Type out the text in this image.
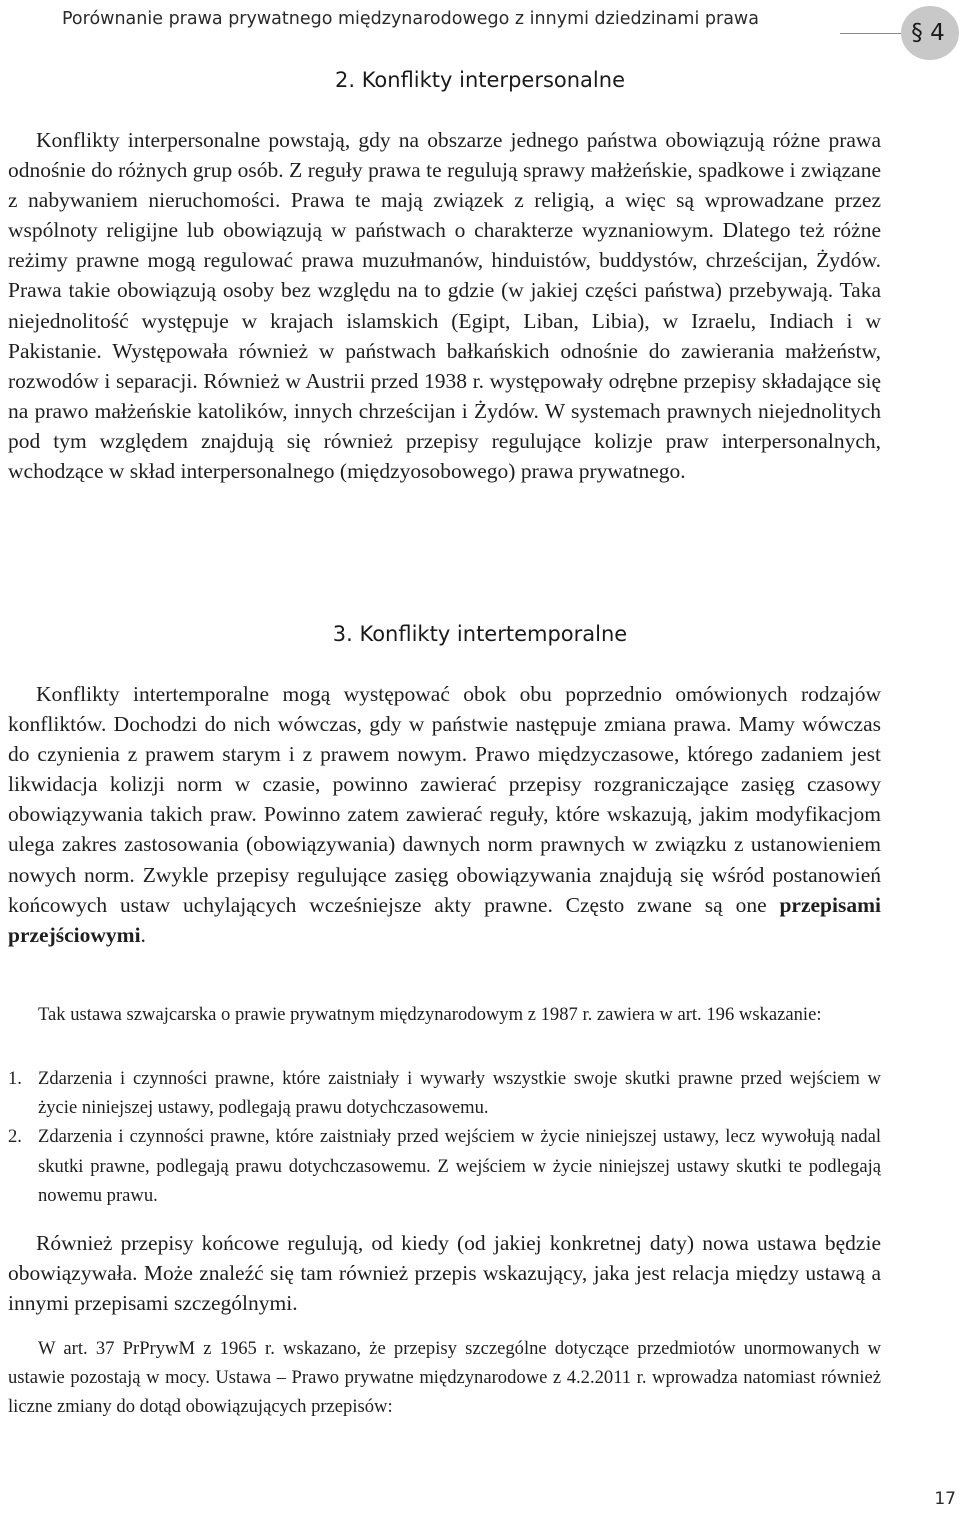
Porównanie prawa prywatnego międzynarodowego z innymi dziedzinami prawa
§ 4
2. Konflikty interpersonalne
Konflikty interpersonalne powstają, gdy na obszarze jednego państwa obowiązują różne prawa odnośnie do różnych grup osób. Z reguły prawa te regulują sprawy małżeńskie, spadkowe i związane z nabywaniem nieruchomości. Prawa te mają związek z religią, a więc są wprowadzane przez wspólnoty religijne lub obowiązują w państwach o charakterze wyznaniowym. Dlatego też różne reżimy prawne mogą regulować prawa muzułmanów, hinduistów, buddystów, chrześcijan, Żydów. Prawa takie obowiązują osoby bez względu na to gdzie (w jakiej części państwa) przebywają. Taka niejednolitość występuje w krajach islamskich (Egipt, Liban, Libia), w Izraelu, Indiach i w Pakistanie. Występowała również w państwach bałkańskich odnośnie do zawierania małżeństw, rozwodów i separacji. Również w Austrii przed 1938 r. występowały odrębne przepisy składające się na prawo małżeńskie katolików, innych chrześcijan i Żydów. W systemach prawnych niejednolitych pod tym względem znajdują się również przepisy regulujące kolizje praw interpersonalnych, wchodzące w skład interpersonalnego (międzyosobowego) prawa prywatnego.
3. Konflikty intertemporalne
Konflikty intertemporalne mogą występować obok obu poprzednio omówionych rodzajów konfliktów. Dochodzi do nich wówczas, gdy w państwie następuje zmiana prawa. Mamy wówczas do czynienia z prawem starym i z prawem nowym. Prawo międzyczasowe, którego zadaniem jest likwidacja kolizji norm w czasie, powinno zawierać przepisy rozgraniczające zasięg czasowy obowiązywania takich praw. Powinno zatem zawierać reguły, które wskazują, jakim modyfikacjom ulega zakres zastosowania (obowiązywania) dawnych norm prawnych w związku z ustanowieniem nowych norm. Zwykle przepisy regulujące zasięg obowiązywania znajdują się wśród postanowień końcowych ustaw uchylających wcześniejsze akty prawne. Często zwane są one przepisami przejściowymi.
Tak ustawa szwajcarska o prawie prywatnym międzynarodowym z 1987 r. zawiera w art. 196 wskazanie:
1. Zdarzenia i czynności prawne, które zaistniały i wywarły wszystkie swoje skutki prawne przed wejściem w życie niniejszej ustawy, podlegają prawu dotychczasowemu.
2. Zdarzenia i czynności prawne, które zaistniały przed wejściem w życie niniejszej ustawy, lecz wywołują nadal skutki prawne, podlegają prawu dotychczasowemu. Z wejściem w życie niniejszej ustawy skutki te podlegają nowemu prawu.
Również przepisy końcowe regulują, od kiedy (od jakiej konkretnej daty) nowa ustawa będzie obowiązywała. Może znaleźć się tam również przepis wskazujący, jaka jest relacja między ustawą a innymi przepisami szczególnymi.
W art. 37 PrPrywM z 1965 r. wskazano, że przepisy szczególne dotyczące przedmiotów unormowanych w ustawie pozostają w mocy. Ustawa – Prawo prywatne międzynarodowe z 4.2.2011 r. wprowadza natomiast również liczne zmiany do dotąd obowiązujących przepisów:
17
